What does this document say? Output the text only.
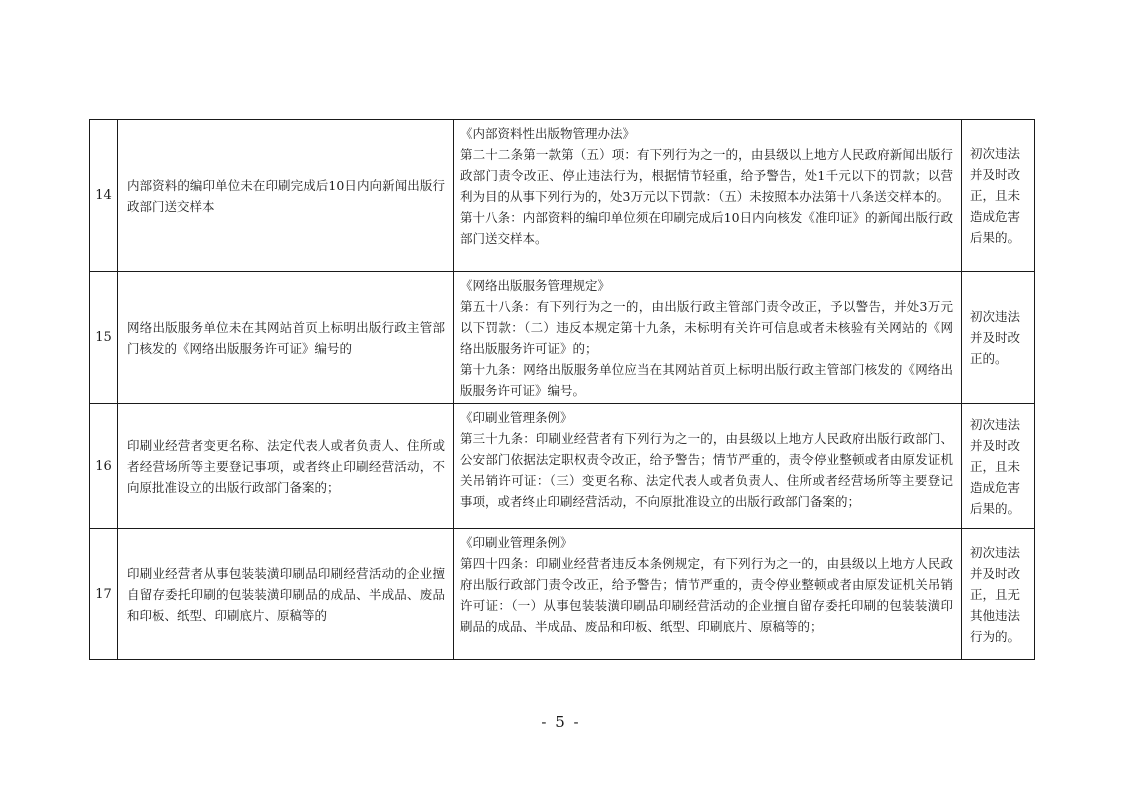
14	内部资料的编印单位未在印刷完成后10日内向新闻出版行政部门送交样本	《内部资料性出版物管理办法》

第二十二条第一款第（五）项：有下列行为之一的，由县级以上地方人民政府新闻出版行政部门责令改正、停止违法行为，根据情节轻重，给予警告，处1千元以下的罚款；以营利为目的从事下列行为的，处3万元以下罚款：（五）未按照本办法第十八条送交样本的。

第十八条：内部资料的编印单位须在印刷完成后10日内向核发《准印证》的新闻出版行政部门送交样本。	初次违法并及时改正，且未造成危害后果的。
15	网络出版服务单位未在其网站首页上标明出版行政主管部门核发的《网络出版服务许可证》编号的	《网络出版服务管理规定》

第五十八条：有下列行为之一的，由出版行政主管部门责令改正，予以警告，并处3万元以下罚款：（二）违反本规定第十九条，未标明有关许可信息或者未核验有关网站的《网络出版服务许可证》的；

第十九条：网络出版服务单位应当在其网站首页上标明出版行政主管部门核发的《网络出版服务许可证》编号。	初次违法并及时改正的。
16	印刷业经营者变更名称、法定代表人或者负责人、住所或者经营场所等主要登记事项，或者终止印刷经营活动，不向原批准设立的出版行政部门备案的；	《印刷业管理条例》

第三十九条：印刷业经营者有下列行为之一的，由县级以上地方人民政府出版行政部门、公安部门依据法定职权责令改正，给予警告；情节严重的，责令停业整顿或者由原发证机关吊销许可证：（三）变更名称、法定代表人或者负责人、住所或者经营场所等主要登记事项，或者终止印刷经营活动，不向原批准设立的出版行政部门备案的；	初次违法并及时改正，且未造成危害后果的。
17	印刷业经营者从事包装装潢印刷品印刷经营活动的企业擅自留存委托印刷的包装装潢印刷品的成品、半成品、废品和印板、纸型、印刷底片、原稿等的	《印刷业管理条例》

第四十四条：印刷业经营者违反本条例规定，有下列行为之一的，由县级以上地方人民政府出版行政部门责令改正，给予警告；情节严重的，责令停业整顿或者由原发证机关吊销许可证：（一）从事包装装潢印刷品印刷经营活动的企业擅自留存委托印刷的包装装潢印刷品的成品、半成品、废品和印板、纸型、印刷底片、原稿等的；	初次违法并及时改正，且无其他违法行为的。
- 5 -
